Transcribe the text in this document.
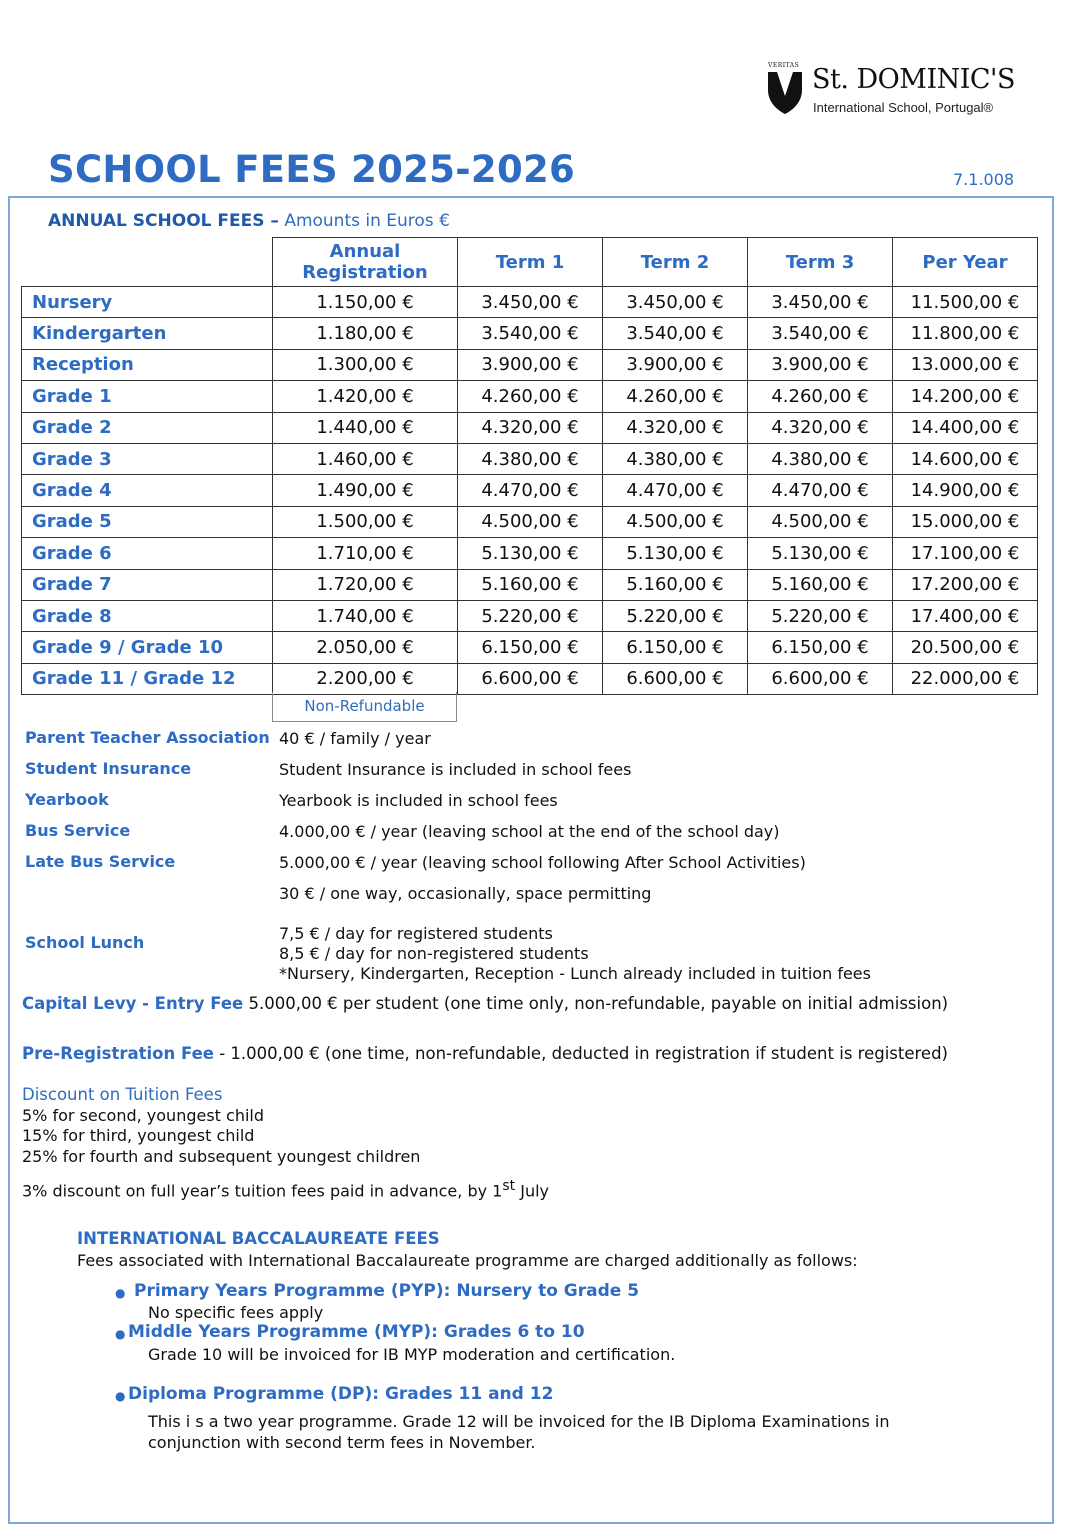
VERITAS St. DOMINIC'S
International School, Portugal®
SCHOOL FEES 2025-2026	7.1.008
ANNUAL SCHOOL FEES – Amounts in Euros €
	Annual Registration	Term 1	Term 2	Term 3	Per Year
Nursery	1.150,00 €	3.450,00 €	3.450,00 €	3.450,00 €	11.500,00 €
Kindergarten	1.180,00 €	3.540,00 €	3.540,00 €	3.540,00 €	11.800,00 €
Reception	1.300,00 €	3.900,00 €	3.900,00 €	3.900,00 €	13.000,00 €
Grade 1	1.420,00 €	4.260,00 €	4.260,00 €	4.260,00 €	14.200,00 €
Grade 2	1.440,00 €	4.320,00 €	4.320,00 €	4.320,00 €	14.400,00 €
Grade 3	1.460,00 €	4.380,00 €	4.380,00 €	4.380,00 €	14.600,00 €
Grade 4	1.490,00 €	4.470,00 €	4.470,00 €	4.470,00 €	14.900,00 €
Grade 5	1.500,00 €	4.500,00 €	4.500,00 €	4.500,00 €	15.000,00 €
Grade 6	1.710,00 €	5.130,00 €	5.130,00 €	5.130,00 €	17.100,00 €
Grade 7	1.720,00 €	5.160,00 €	5.160,00 €	5.160,00 €	17.200,00 €
Grade 8	1.740,00 €	5.220,00 €	5.220,00 €	5.220,00 €	17.400,00 €
Grade 9 / Grade 10	2.050,00 €	6.150,00 €	6.150,00 €	6.150,00 €	20.500,00 €
Grade 11 / Grade 12	2.200,00 €	6.600,00 €	6.600,00 €	6.600,00 €	22.000,00 €
Non-Refundable
Parent Teacher Association 40 € / family / year
Student Insurance	Student Insurance is included in school fees
Yearbook	Yearbook is included in school fees
Bus Service	4.000,00 € / year (leaving school at the end of the school day)
Late Bus Service	5.000,00 € / year (leaving school following After School Activities)
30 € / one way, occasionally, space permitting
School Lunch	7,5 € / day for registered students
8,5 € / day for non-registered students
*Nursery, Kindergarten, Reception - Lunch already included in tuition fees
Capital Levy - Entry Fee 5.000,00 € per student (one time only, non-refundable, payable on initial admission)
Pre-Registration Fee - 1.000,00 € (one time, non-refundable, deducted in registration if student is registered)
Discount on Tuition Fees
5% for second, youngest child
15% for third, youngest child
25% for fourth and subsequent youngest children
3% discount on full year’s tuition fees paid in advance, by 1st July
INTERNATIONAL BACCALAUREATE FEES
Fees associated with International Baccalaureate programme are charged additionally as follows:
● Primary Years Programme (PYP): Nursery to Grade 5
No specific fees apply
● Middle Years Programme (MYP): Grades 6 to 10
Grade 10 will be invoiced for IB MYP moderation and certification.
● Diploma Programme (DP): Grades 11 and 12
This i s a two year programme. Grade 12 will be invoiced for the IB Diploma Examinations in
conjunction with second term fees in November.
